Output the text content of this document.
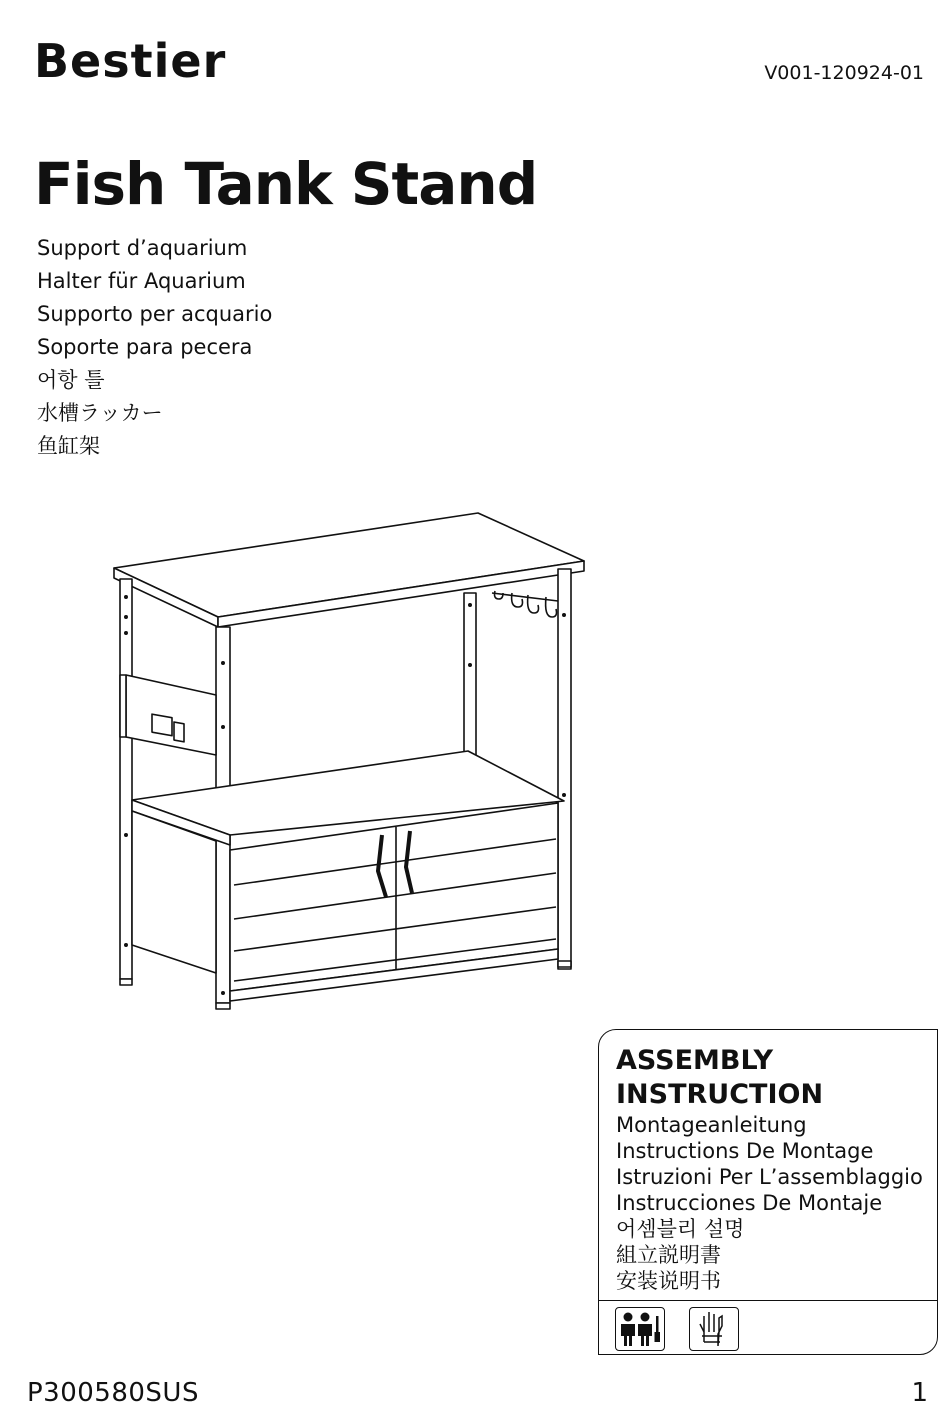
Bestier	V001-120924-01
Fish Tank Stand
Support d’aquarium
Halter für Aquarium
Supporto per acquario
Soporte para pecera
어항 틀
水槽ラッカー
鱼缸架
ASSEMBLY
INSTRUCTION
Montageanleitung
Instructions De Montage
Istruzioni Per L’assemblaggio
Instrucciones De Montaje
어셈블리 설명
組立説明書
安装说明书
P300580SUS	1
